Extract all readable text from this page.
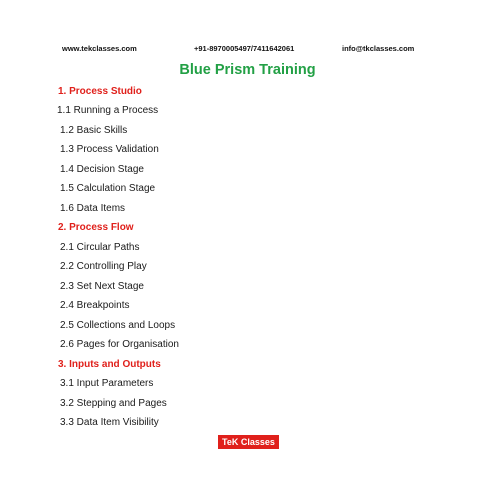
www.tekclasses.com	+91-8970005497/7411642061	info@tkclasses.com
Blue Prism Training
1. Process Studio
1.1 Running a Process
1.2 Basic Skills
1.3 Process Validation
1.4 Decision Stage
1.5 Calculation Stage
1.6 Data Items
2. Process Flow
2.1 Circular Paths
2.2 Controlling Play
2.3 Set Next Stage
2.4 Breakpoints
2.5 Collections and Loops
2.6 Pages for Organisation
3. Inputs and Outputs
3.1 Input Parameters
3.2 Stepping and Pages
3.3 Data Item Visibility
TeK Classes
